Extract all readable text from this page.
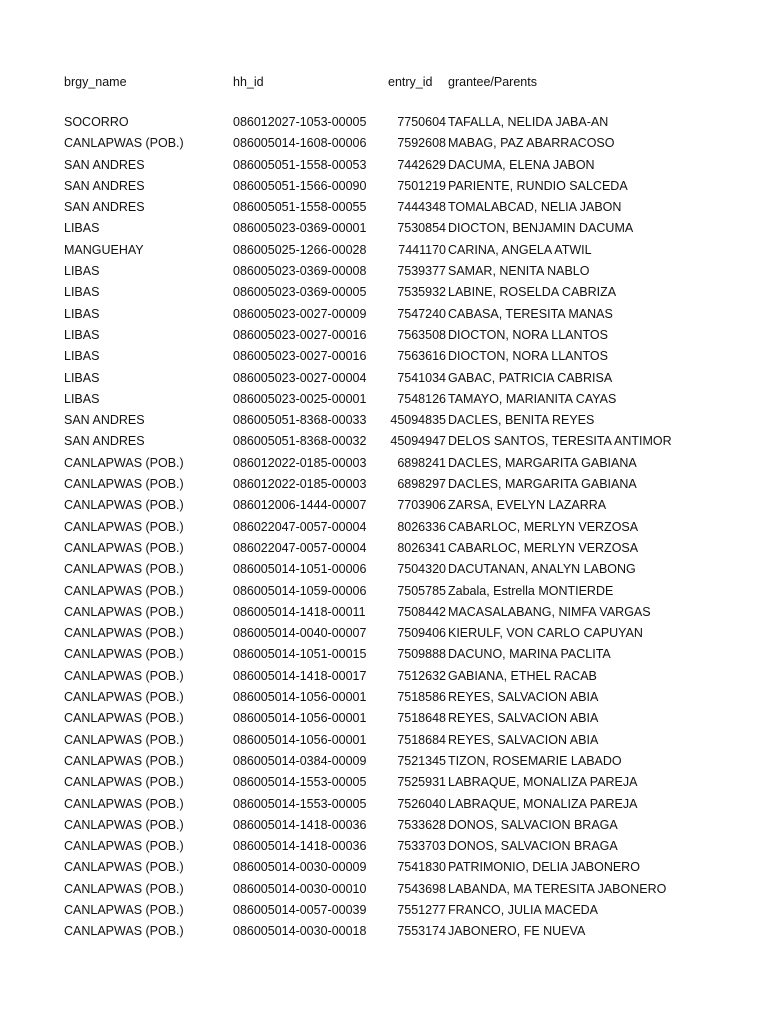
brgy_name	hh_id	entry_id grantee/Parents
SOCORRO	086012027-1053-00005 7750604 TAFALLA, NELIDA JABA-AN
CANLAPWAS (POB.)	086005014-1608-00006 7592608 MABAG, PAZ ABARRACOSO
SAN ANDRES	086005051-1558-00053 7442629 DACUMA, ELENA JABON
SAN ANDRES	086005051-1566-00090 7501219 PARIENTE, RUNDIO SALCEDA
SAN ANDRES	086005051-1558-00055 7444348 TOMALABCAD, NELIA JABON
LIBAS	086005023-0369-00001 7530854 DIOCTON, BENJAMIN DACUMA
MANGUEHAY	086005025-1266-00028	7441170 CARINA, ANGELA ATWIL
LIBAS	086005023-0369-00008 7539377 SAMAR, NENITA NABLO
LIBAS	086005023-0369-00005 7535932 LABINE, ROSELDA CABRIZA
LIBAS	086005023-0027-00009 7547240 CABASA, TERESITA MANAS
LIBAS	086005023-0027-00016 7563508 DIOCTON, NORA LLANTOS
LIBAS	086005023-0027-00016 7563616 DIOCTON, NORA LLANTOS
LIBAS	086005023-0027-00004 7541034 GABAC, PATRICIA CABRISA
LIBAS	086005023-0025-00001 7548126 TAMAYO, MARIANITA CAYAS
SAN ANDRES	086005051-8368-00033 45094835 DACLES, BENITA REYES
SAN ANDRES	086005051-8368-00032 45094947 DELOS SANTOS, TERESITA ANTIMOR
CANLAPWAS (POB.)	086012022-0185-00003 6898241 DACLES, MARGARITA GABIANA
CANLAPWAS (POB.)	086012022-0185-00003 6898297 DACLES, MARGARITA GABIANA
CANLAPWAS (POB.)	086012006-1444-00007 7703906 ZARSA, EVELYN LAZARRA
CANLAPWAS (POB.)	086022047-0057-00004 8026336 CABARLOC, MERLYN VERZOSA
CANLAPWAS (POB.)	086022047-0057-00004 8026341 CABARLOC, MERLYN VERZOSA
CANLAPWAS (POB.)	086005014-1051-00006 7504320 DACUTANAN, ANALYN LABONG
CANLAPWAS (POB.)	086005014-1059-00006 7505785 Zabala, Estrella MONTIERDE
CANLAPWAS (POB.)	086005014-1418-00011	7508442 MACASALABANG, NIMFA VARGAS
CANLAPWAS (POB.)	086005014-0040-00007 7509406 KIERULF, VON CARLO CAPUYAN
CANLAPWAS (POB.)	086005014-1051-00015 7509888 DACUNO, MARINA PACLITA
CANLAPWAS (POB.)	086005014-1418-00017 7512632 GABIANA, ETHEL RACAB
CANLAPWAS (POB.)	086005014-1056-00001 7518586 REYES, SALVACION ABIA
CANLAPWAS (POB.)	086005014-1056-00001 7518648 REYES, SALVACION ABIA
CANLAPWAS (POB.)	086005014-1056-00001 7518684 REYES, SALVACION ABIA
CANLAPWAS (POB.)	086005014-0384-00009 7521345 TIZON, ROSEMARIE LABADO
CANLAPWAS (POB.)	086005014-1553-00005 7525931 LABRAQUE, MONALIZA PAREJA
CANLAPWAS (POB.)	086005014-1553-00005 7526040 LABRAQUE, MONALIZA PAREJA
CANLAPWAS (POB.)	086005014-1418-00036 7533628 DONOS, SALVACION BRAGA
CANLAPWAS (POB.)	086005014-1418-00036 7533703 DONOS, SALVACION BRAGA
CANLAPWAS (POB.)	086005014-0030-00009 7541830 PATRIMONIO, DELIA JABONERO
CANLAPWAS (POB.)	086005014-0030-00010 7543698 LABANDA, MA TERESITA JABONERO
CANLAPWAS (POB.)	086005014-0057-00039 7551277 FRANCO, JULIA MACEDA
CANLAPWAS (POB.)	086005014-0030-00018 7553174 JABONERO, FE NUEVA
